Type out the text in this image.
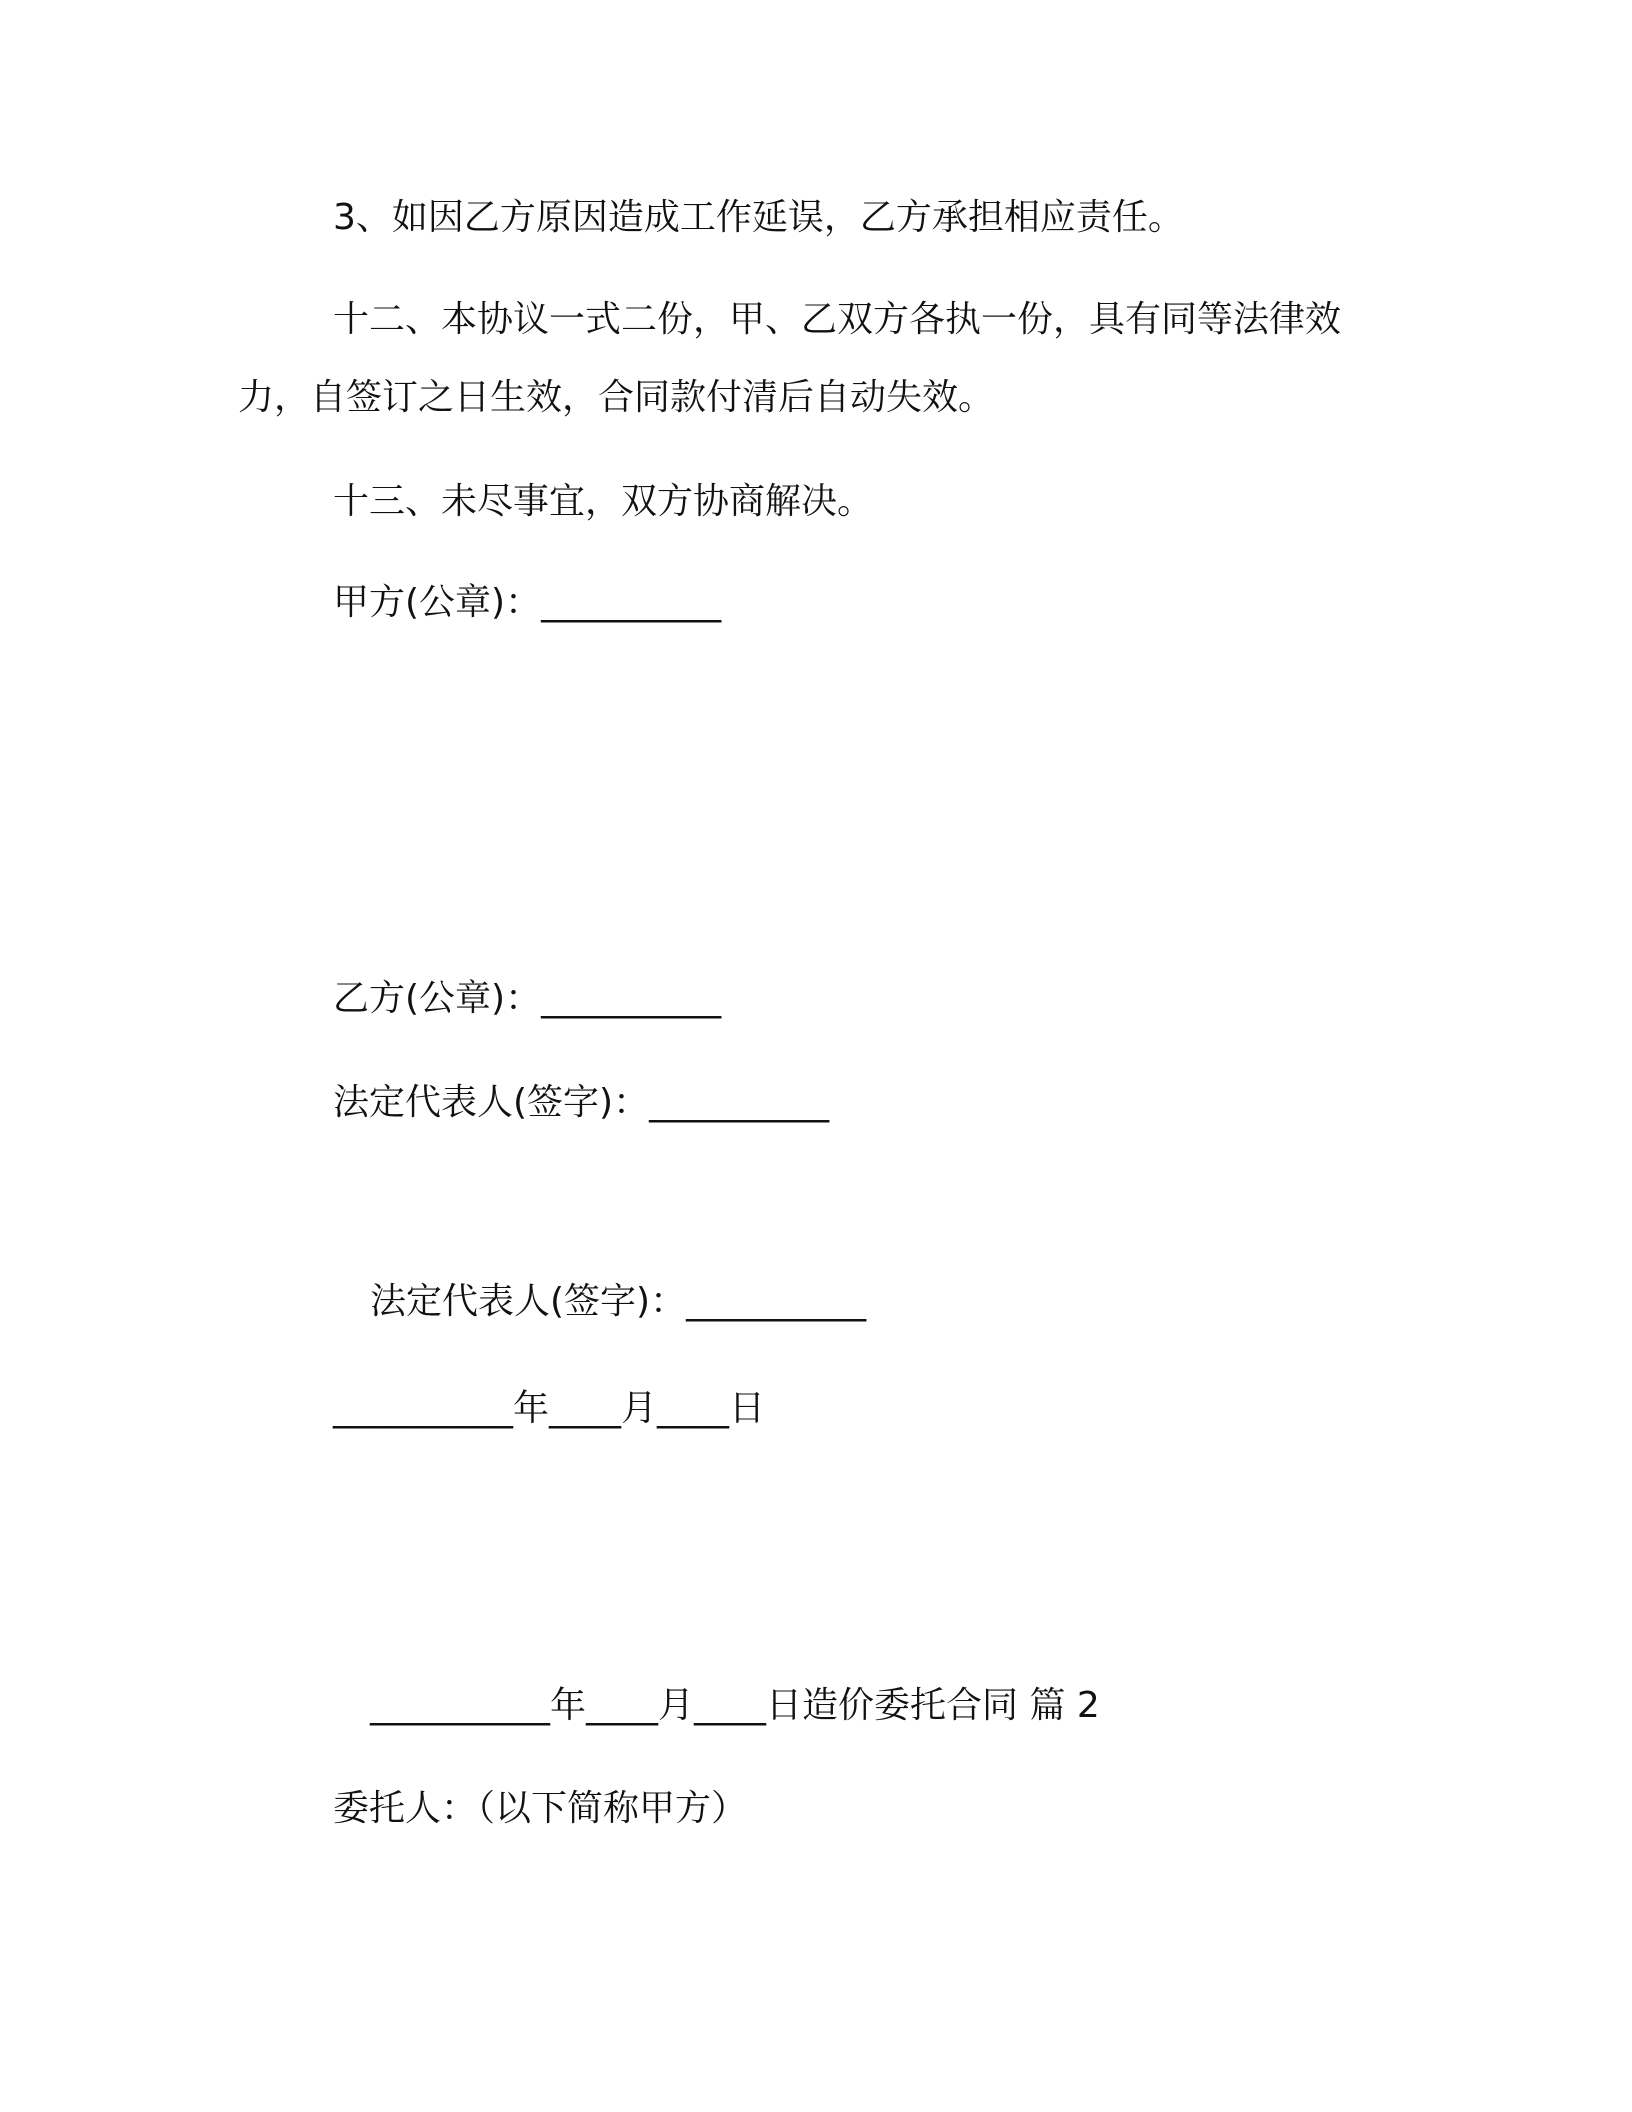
3、如因乙方原因造成工作延误，乙方承担相应责任。
十二、本协议一式二份，甲、乙双方各执一份，具有同等法律效
力，自签订之日生效，合同款付清后自动失效。
十三、未尽事宜，双方协商解决。
甲方(公章)：__________
乙方(公章)：__________
法定代表人(签字)：__________
法定代表人(签字)：__________
__________年____月____日
__________年____月____日造价委托合同 篇 2
委托人：（以下简称甲方）
